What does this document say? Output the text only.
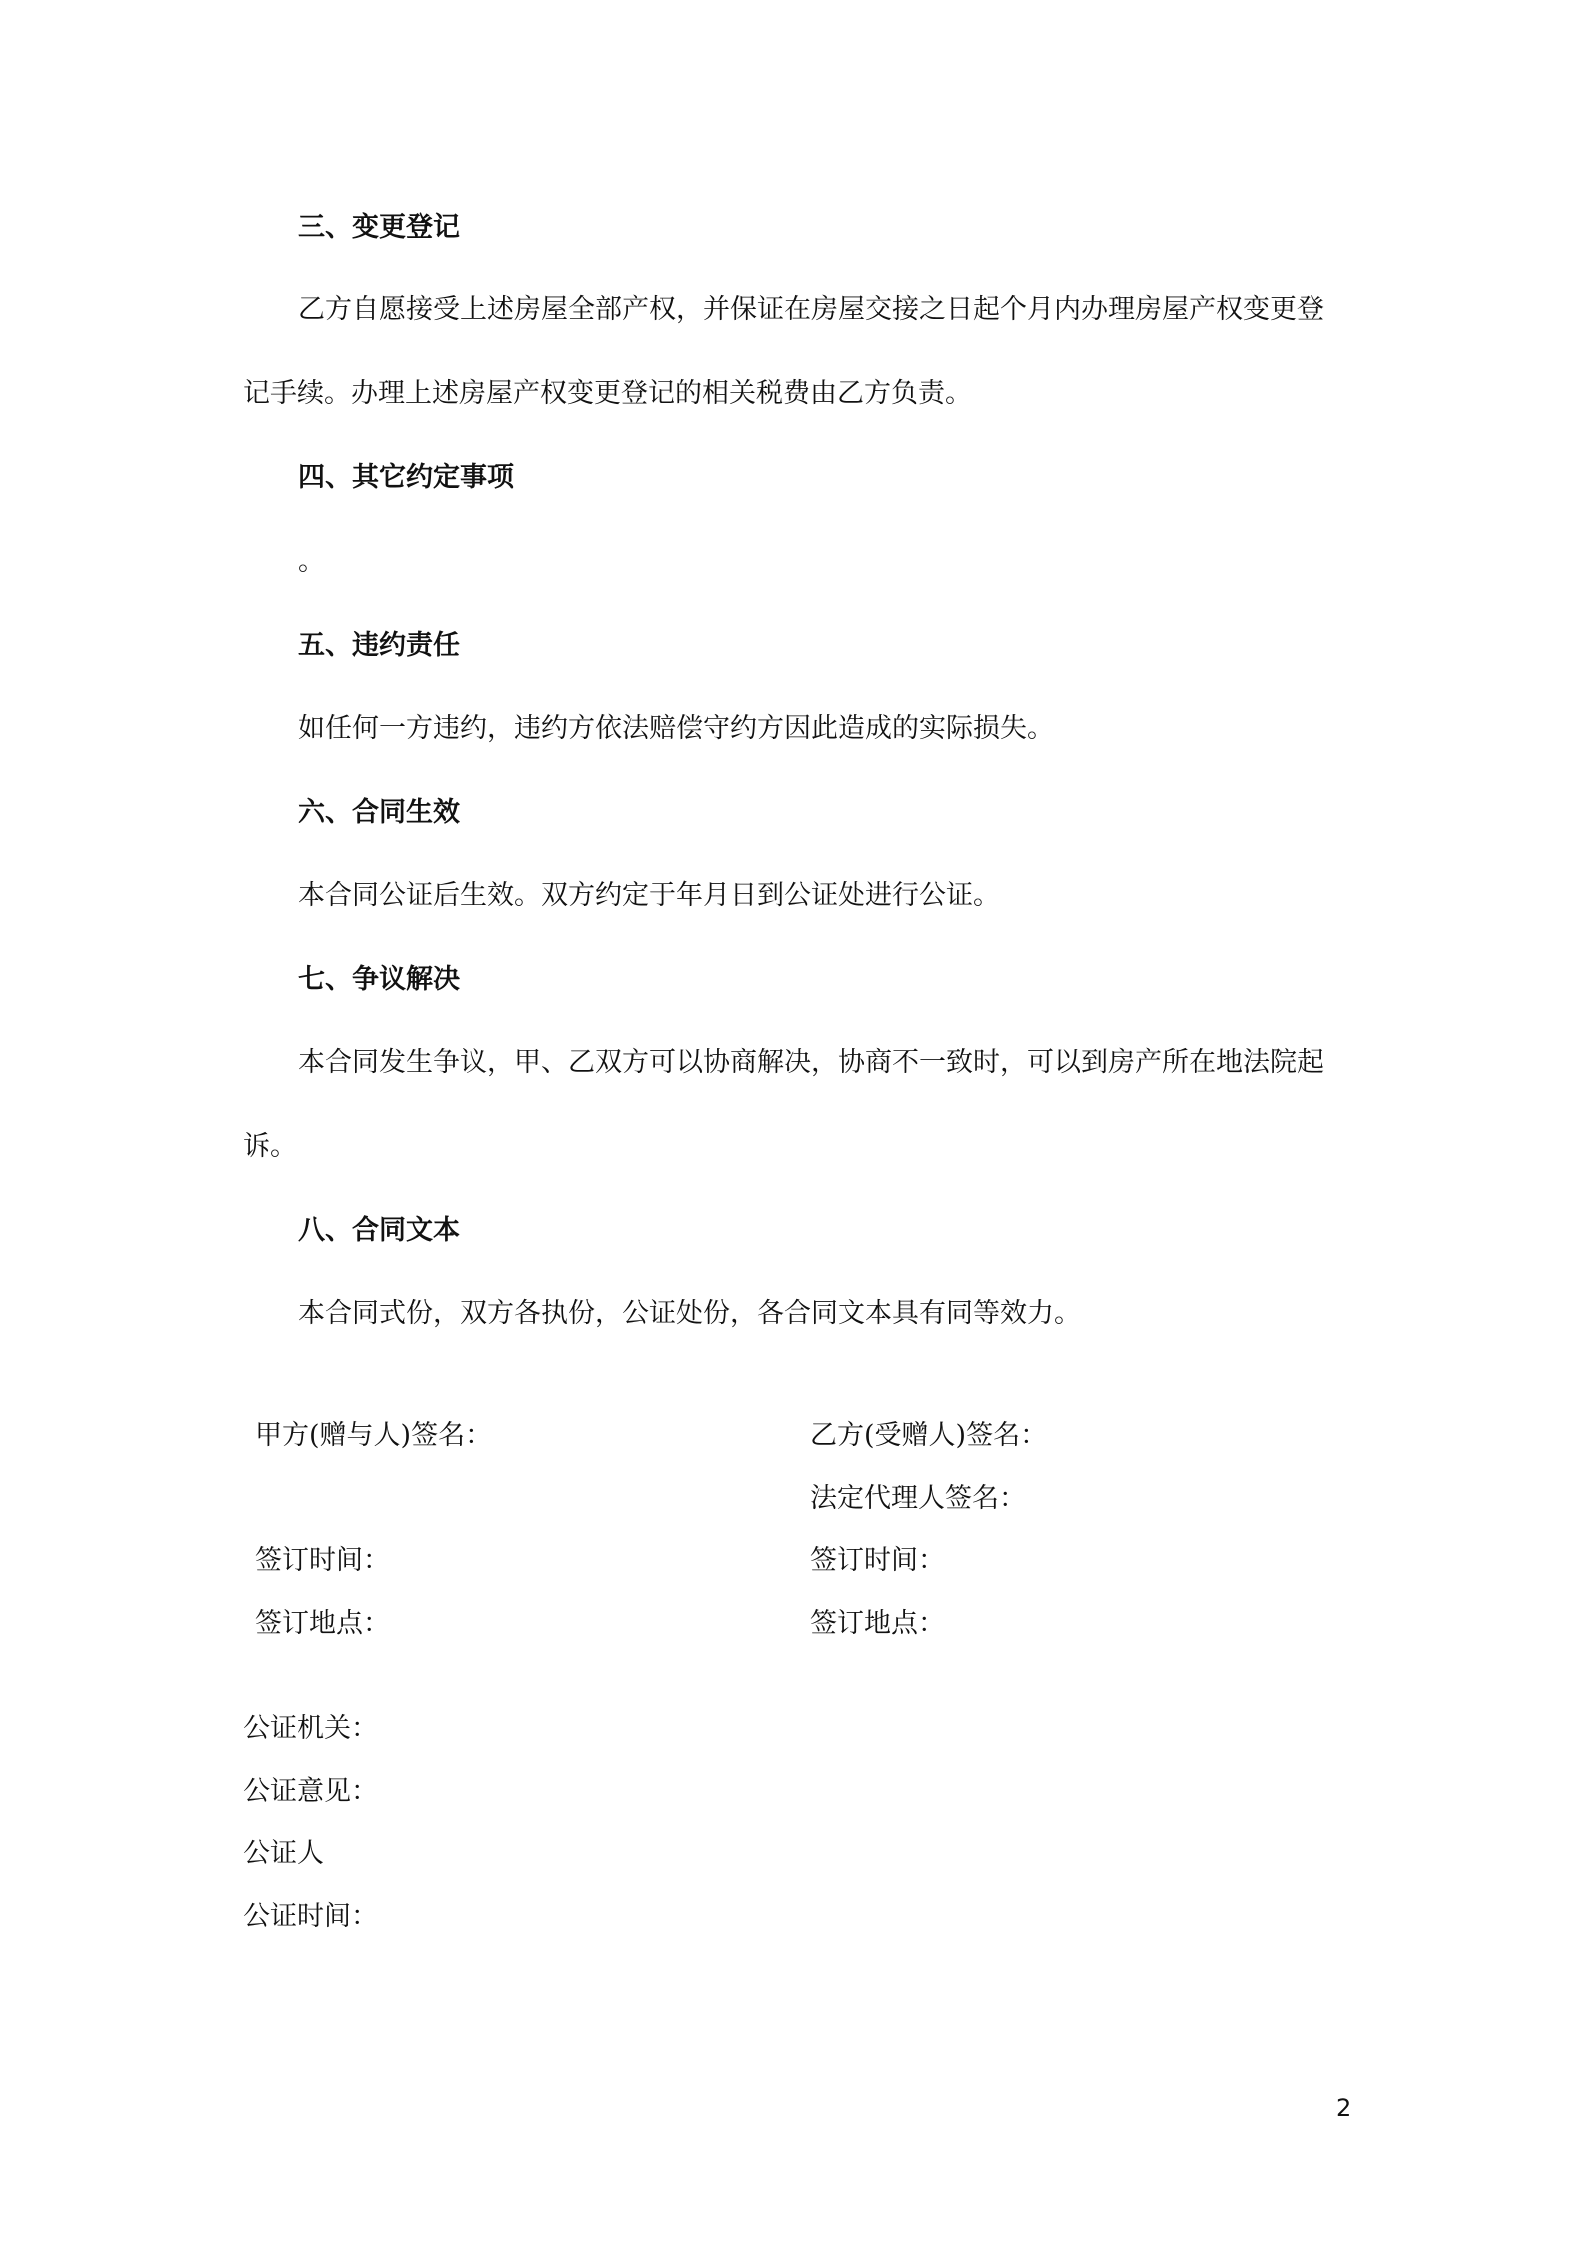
三、变更登记
乙方自愿接受上述房屋全部产权，并保证在房屋交接之日起个月内办理房屋产权变更登
记手续。办理上述房屋产权变更登记的相关税费由乙方负责。
四、其它约定事项
。
五、违约责任
如任何一方违约，违约方依法赔偿守约方因此造成的实际损失。
六、合同生效
本合同公证后生效。双方约定于年月日到公证处进行公证。
七、争议解决
本合同发生争议，甲、乙双方可以协商解决，协商不一致时，可以到房产所在地法院起
诉。
八、合同文本
本合同式份，双方各执份，公证处份，各合同文本具有同等效力。
甲方(赠与人)签名：
签订时间：
签订地点：
乙方(受赠人)签名：
法定代理人签名：
签订时间：
签订地点：
公证机关：
公证意见：
公证人
公证时间：
2
